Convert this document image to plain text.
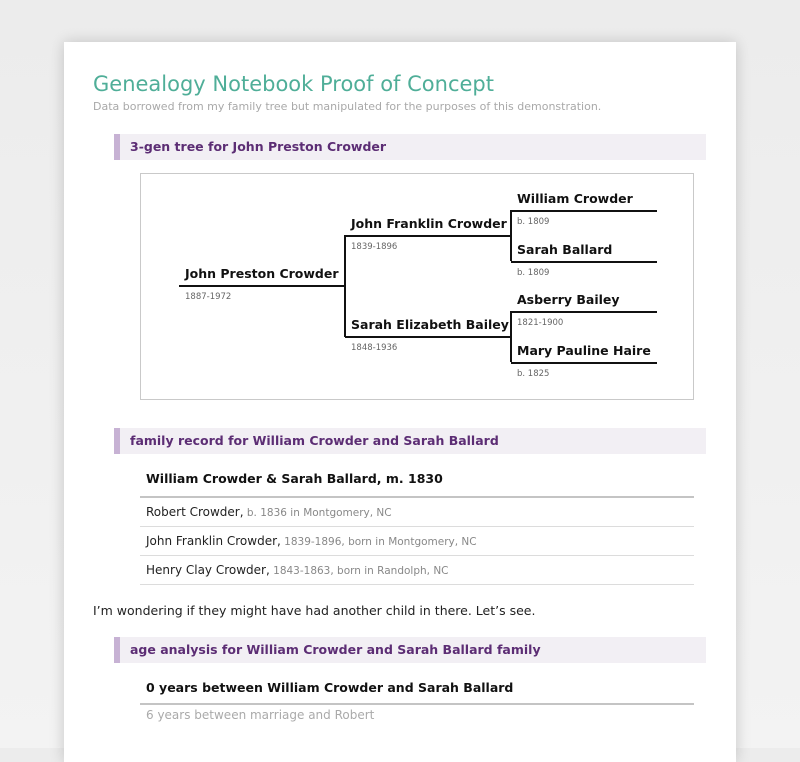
Genealogy Notebook Proof of Concept
Data borrowed from my family tree but manipulated for the purposes of this demonstration.
3-gen tree for John Preston Crowder
John Preston Crowder
1887-1972
John Franklin Crowder
1839-1896
Sarah Elizabeth Bailey
1848-1936
William Crowder
b. 1809
Sarah Ballard
b. 1809
Asberry Bailey
1821-1900
Mary Pauline Haire
b. 1825
family record for William Crowder and Sarah Ballard
William Crowder & Sarah Ballard, m. 1830
Robert Crowder, b. 1836 in Montgomery, NC
John Franklin Crowder, 1839-1896, born in Montgomery, NC
Henry Clay Crowder, 1843-1863, born in Randolph, NC
I’m wondering if they might have had another child in there. Let’s see.
age analysis for William Crowder and Sarah Ballard family
0 years between William Crowder and Sarah Ballard
6 years between marriage and Robert
